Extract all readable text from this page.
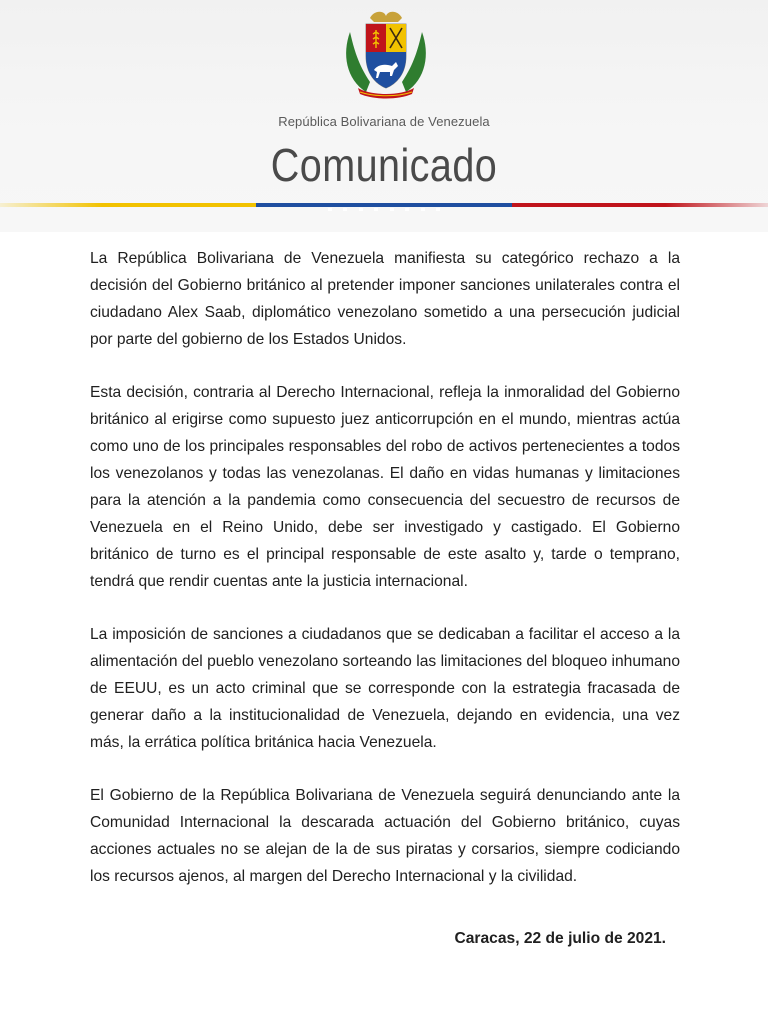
República Bolivariana de Venezuela
Comunicado

La República Bolivariana de Venezuela manifiesta su categórico rechazo a la decisión del Gobierno británico al pretender imponer sanciones unilaterales contra el ciudadano Alex Saab, diplomático venezolano sometido a una persecución judicial por parte del gobierno de los Estados Unidos.

Esta decisión, contraria al Derecho Internacional, refleja la inmoralidad del Gobierno británico al erigirse como supuesto juez anticorrupción en el mundo, mientras actúa como uno de los principales responsables del robo de activos pertenecientes a todos los venezolanos y todas las venezolanas. El daño en vidas humanas y limitaciones para la atención a la pandemia como consecuencia del secuestro de recursos de Venezuela en el Reino Unido, debe ser investigado y castigado. El Gobierno británico de turno es el principal responsable de este asalto y, tarde o temprano, tendrá que rendir cuentas ante la justicia internacional.

La imposición de sanciones a ciudadanos que se dedicaban a facilitar el acceso a la alimentación del pueblo venezolano sorteando las limitaciones del bloqueo inhumano de EEUU, es un acto criminal que se corresponde con la estrategia fracasada de generar daño a la institucionalidad de Venezuela, dejando en evidencia, una vez más, la errática política británica hacia Venezuela.

El Gobierno de la República Bolivariana de Venezuela seguirá denunciando ante la Comunidad Internacional la descarada actuación del Gobierno británico, cuyas acciones actuales no se alejan de la de sus piratas y corsarios, siempre codiciando los recursos ajenos, al margen del Derecho Internacional y la civilidad.

Caracas, 22 de julio de 2021.
